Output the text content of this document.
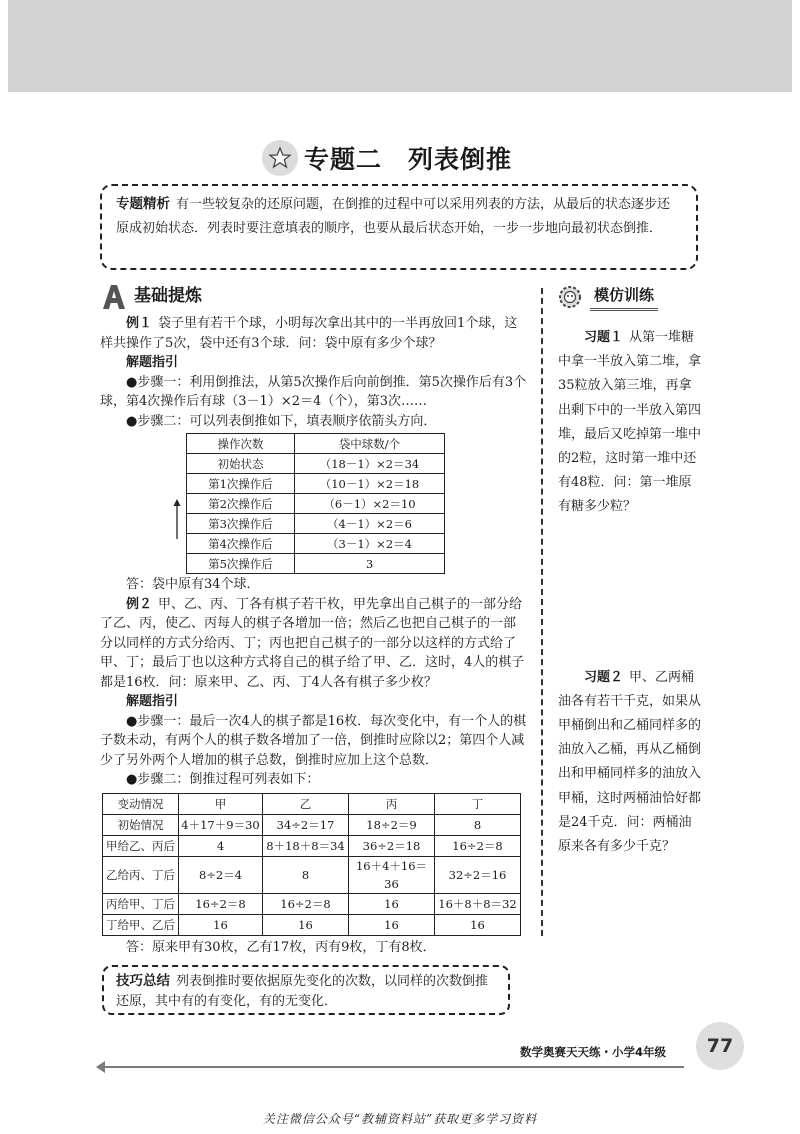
专题二 列表倒推
专题精析 有一些较复杂的还原问题，在倒推的过程中可以采用列表的方法，从最后的状态逐步还原成初始状态．列表时要注意填表的顺序，也要从最后状态开始，一步一步地向最初状态倒推．
基础提炼
例１ 袋子里有若干个球，小明每次拿出其中的一半再放回1个球，这样共操作了5次，袋中还有3个球．问：袋中原有多少个球？
解题指引
●步骤一：利用倒推法，从第5次操作后向前倒推．第5次操作后有3个球，第4次操作后有球（3－1）×2＝4（个），第3次……
●步骤二：可以列表倒推如下，填表顺序依箭头方向．
操作次数	袋中球数/个
初始状态	（18－1）×2＝34
第1次操作后	（10－1）×2＝18
第2次操作后	（6－1）×2＝10
第3次操作后	（4－1）×2＝6
第4次操作后	（3－1）×2＝4
第5次操作后	3
答：袋中原有34个球．
例２ 甲、乙、丙、丁各有棋子若干枚，甲先拿出自己棋子的一部分给了乙、丙，使乙、丙每人的棋子各增加一倍；然后乙也把自己棋子的一部分以同样的方式分给丙、丁；丙也把自己棋子的一部分以这样的方式给了甲、丁；最后丁也以这种方式将自己的棋子给了甲、乙．这时，4人的棋子都是16枚．问：原来甲、乙、丙、丁4人各有棋子多少枚？
解题指引
●步骤一：最后一次4人的棋子都是16枚．每次变化中，有一个人的棋子数未动，有两个人的棋子数各增加了一倍，倒推时应除以2；第四个人减少了另外两个人增加的棋子总数，倒推时应加上这个总数．
●步骤二：倒推过程可列表如下：
变动情况	甲	乙	丙	丁
初始情况	4＋17＋9＝30	34÷2＝17	18÷2＝9	8
甲给乙、丙后	4	8＋18＋8＝34	36÷2＝18	16÷2＝8
乙给丙、丁后	8÷2＝4	8	16＋4＋16＝36	32÷2＝16
丙给甲、丁后	16÷2＝8	16÷2＝8	16	16＋8＋8＝32
丁给甲、乙后	16	16	16	16
答：原来甲有30枚，乙有17枚，丙有9枚，丁有8枚．
技巧总结 列表倒推时要依据原先变化的次数，以同样的次数倒推还原，其中有的有变化，有的无变化．
模仿训练
习题１ 从第一堆糖中拿一半放入第二堆，拿35粒放入第三堆，再拿出剩下中的一半放入第四堆，最后又吃掉第一堆中的2粒，这时第一堆中还有48粒．问：第一堆原有糖多少粒？
习题２ 甲、乙两桶油各有若干千克，如果从甲桶倒出和乙桶同样多的油放入乙桶，再从乙桶倒出和甲桶同样多的油放入甲桶，这时两桶油恰好都是24千克．问：两桶油原来各有多少千克？
数学奥赛天天练・小学4年级 77
关注微信公众号“教辅资料站”获取更多学习资料
